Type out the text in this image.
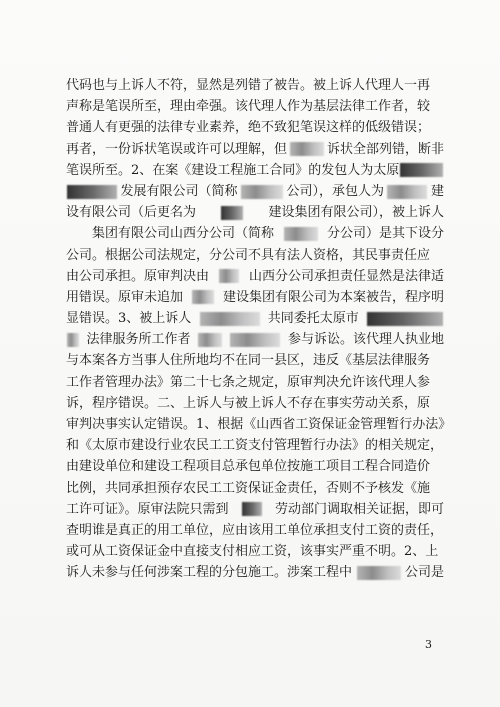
代码也与上诉人不符，显然是列错了被告。被上诉人代理人一再
声称是笔误所至，理由牵强。该代理人作为基层法律工作者，较
普通人有更强的法律专业素养，绝不致犯笔误这样的低级错误；
再者，一份诉状笔误或许可以理解，但	诉状全部列错，断非
笔误所至。2、在案《建设工程施工合同》的发包人为太原
发展有限公司（简称	公司），承包人为	建
设有限公司（后更名为	建设集团有限公司），被上诉人
集团有限公司山西分公司（简称	分公司）是其下设分
公司。根据公司法规定，分公司不具有法人资格，其民事责任应
由公司承担。原审判决由	山西分公司承担责任显然是法律适
用错误。原审未追加	建设集团有限公司为本案被告，程序明
显错误。3、被上诉人	共同委托太原市
法律服务所工作者	参与诉讼。该代理人执业地
与本案各方当事人住所地均不在同一县区，违反《基层法律服务
工作者管理办法》第二十七条之规定，原审判决允许该代理人参
诉，程序错误。二、上诉人与被上诉人不存在事实劳动关系，原
审判决事实认定错误。1、根据《山西省工资保证金管理暂行办法》
和《太原市建设行业农民工工资支付管理暂行办法》的相关规定，
由建设单位和建设工程项目总承包单位按施工项目工程合同造价
比例，共同承担预存农民工工资保证金责任，否则不予核发《施
工许可证》。原审法院只需到	劳动部门调取相关证据，即可
查明谁是真正的用工单位，应由该用工单位承担支付工资的责任，
或可从工资保证金中直接支付相应工资，该事实严重不明。2、上
诉人未参与任何涉案工程的分包施工。涉案工程中	公司是
3
